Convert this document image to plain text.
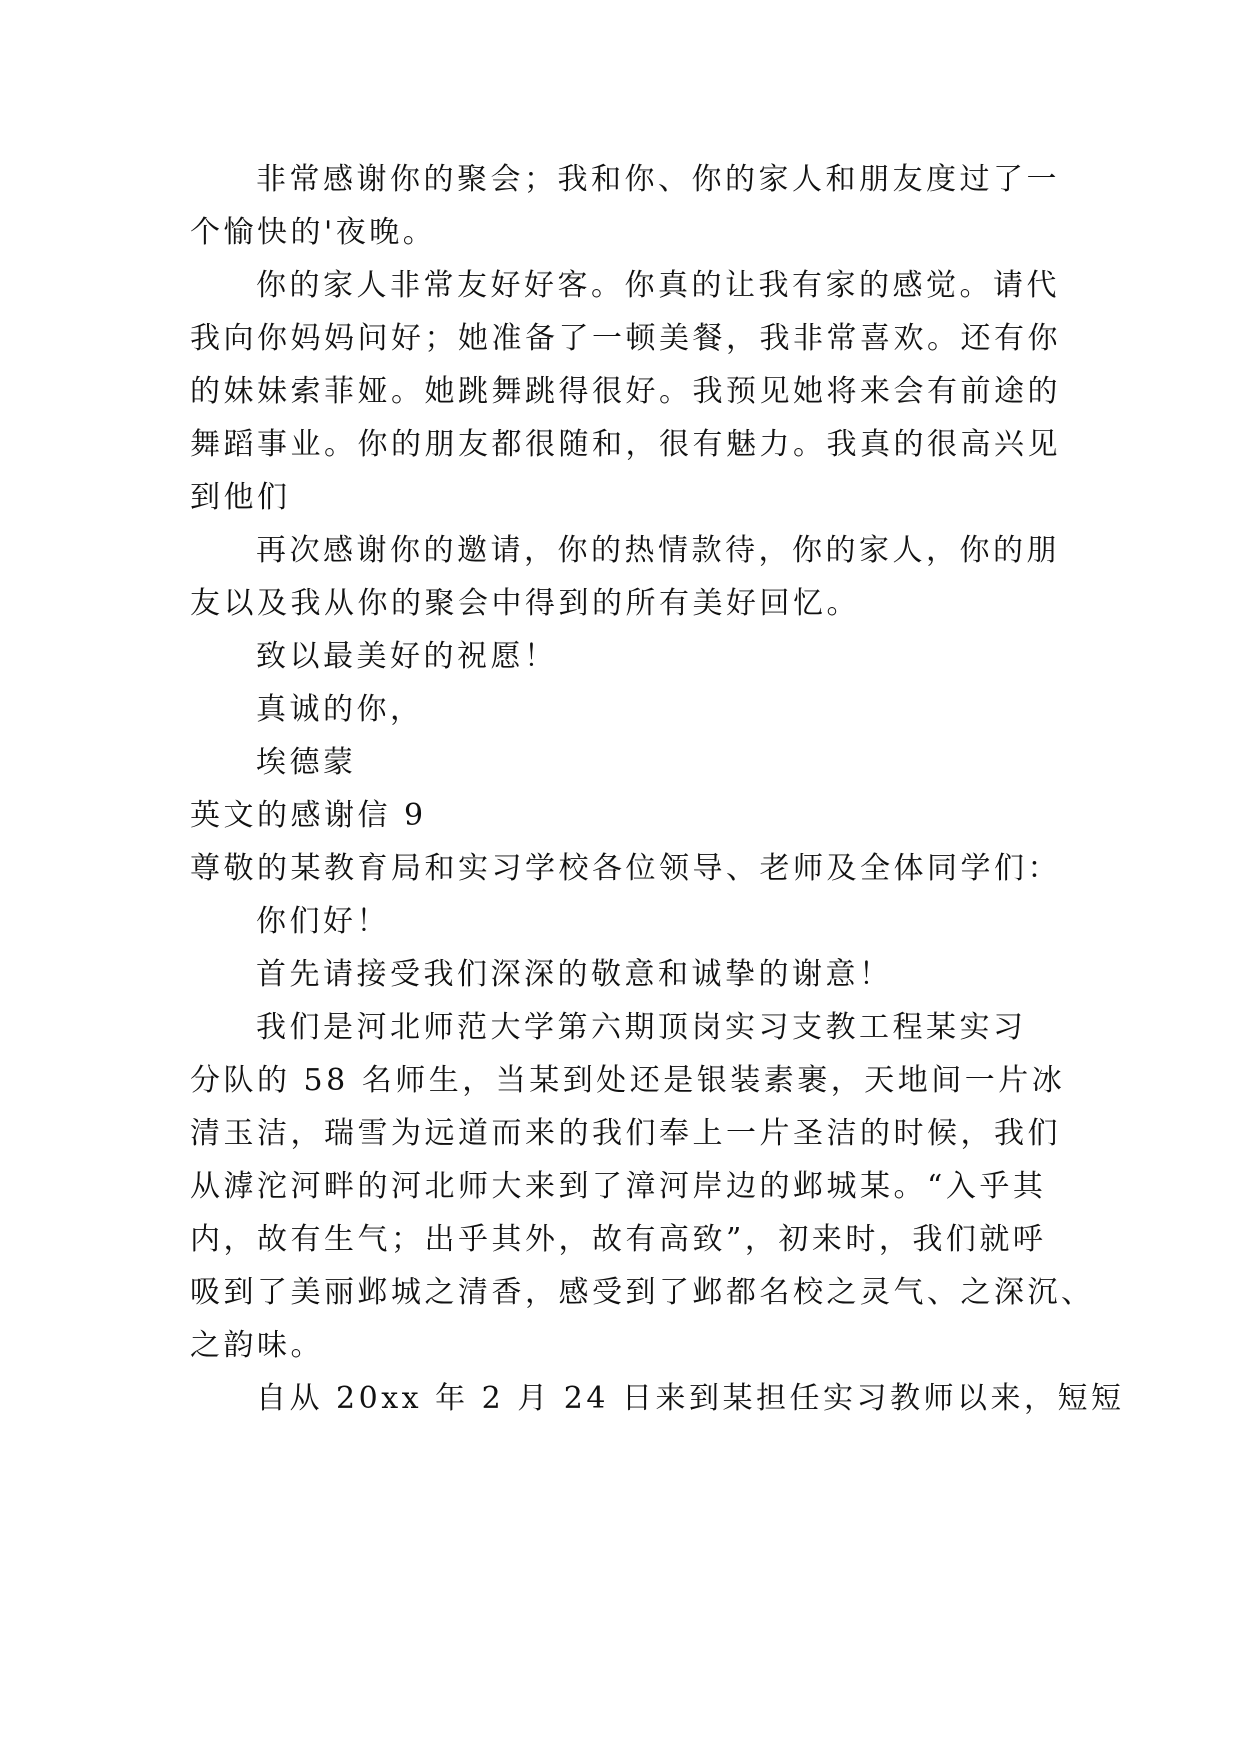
非常感谢你的聚会；我和你、你的家人和朋友度过了一
个愉快的'夜晚。
你的家人非常友好好客。你真的让我有家的感觉。请代
我向你妈妈问好；她准备了一顿美餐，我非常喜欢。还有你
的妹妹索菲娅。她跳舞跳得很好。我预见她将来会有前途的
舞蹈事业。你的朋友都很随和，很有魅力。我真的很高兴见
到他们
再次感谢你的邀请，你的热情款待，你的家人，你的朋
友以及我从你的聚会中得到的所有美好回忆。
致以最美好的祝愿！
真诚的你，
埃德蒙
英文的感谢信 9
尊敬的某教育局和实习学校各位领导、老师及全体同学们：
你们好！
首先请接受我们深深的敬意和诚挚的谢意！
我们是河北师范大学第六期顶岗实习支教工程某实习
分队的 58 名师生，当某到处还是银装素裹，天地间一片冰
清玉洁，瑞雪为远道而来的我们奉上一片圣洁的时候，我们
从滹沱河畔的河北师大来到了漳河岸边的邺城某。“入乎其
内，故有生气；出乎其外，故有高致”，初来时，我们就呼
吸到了美丽邺城之清香，感受到了邺都名校之灵气、之深沉、
之韵味。
自从 20xx 年 2 月 24 日来到某担任实习教师以来，短短
